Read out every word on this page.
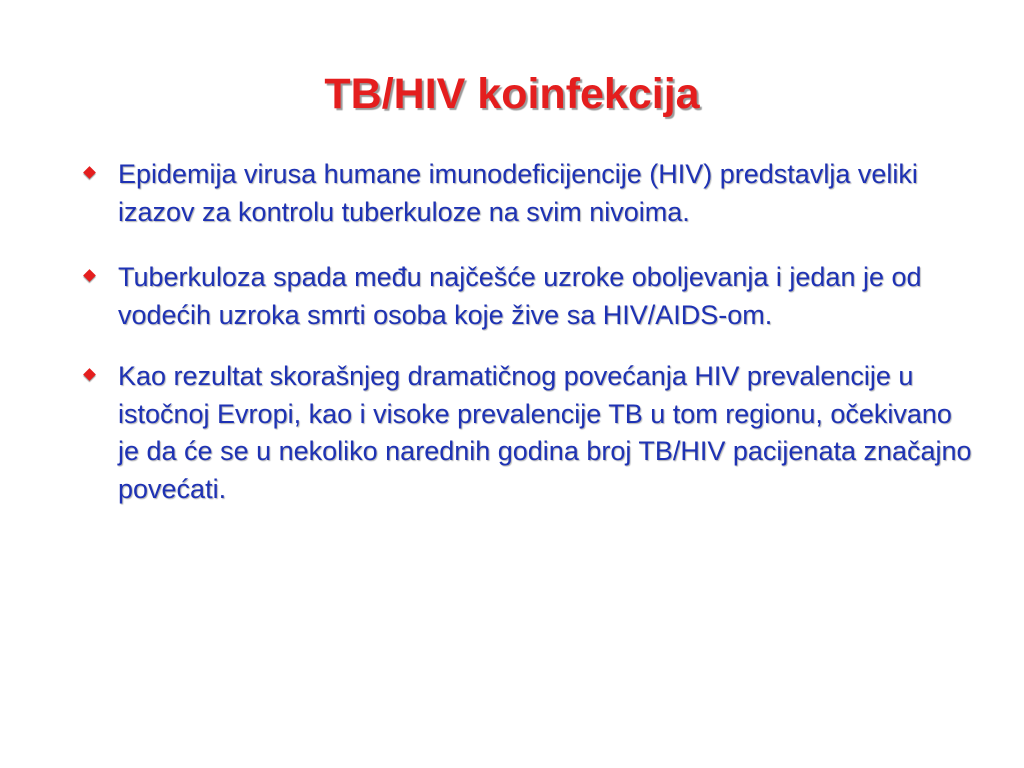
TB/HIV koinfekcija
Epidemija virusa humane imunodeficijencije (HIV) predstavlja veliki izazov za kontrolu tuberkuloze na svim nivoima.
Tuberkuloza spada među najčešće uzroke oboljevanja i jedan je od vodećih uzroka smrti osoba koje žive sa HIV/AIDS-om.
Kao rezultat skorašnjeg dramatičnog povećanja HIV prevalencije u istočnoj Evropi, kao i visoke prevalencije TB u tom regionu, očekivano je da će se u nekoliko narednih godina broj TB/HIV pacijenata značajno povećati.
